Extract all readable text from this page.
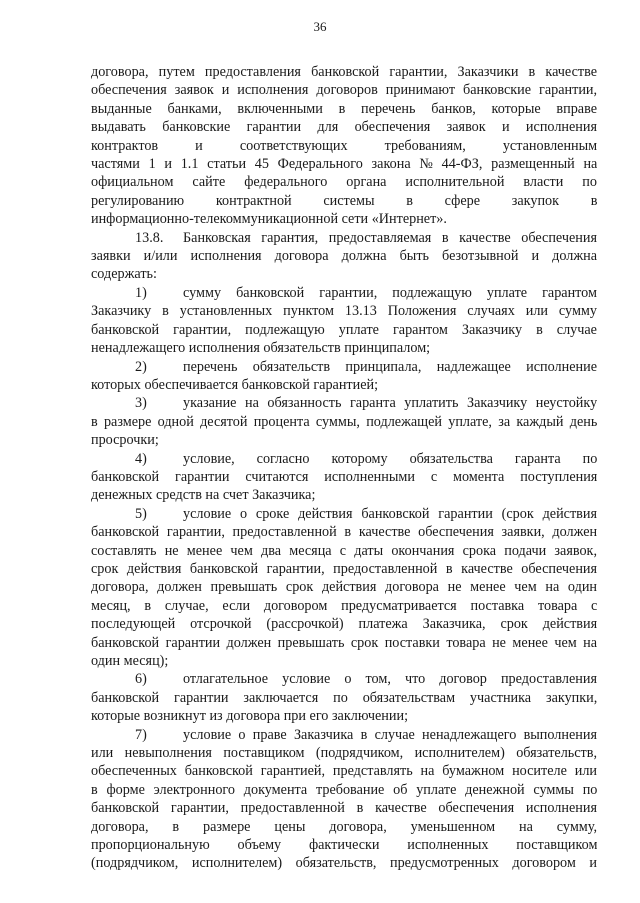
36
договора, путем предоставления банковской гарантии, Заказчики в качестве
обеспечения заявок и исполнения договоров принимают банковские гарантии,
выданные банками, включенными в перечень банков, которые вправе
выдавать банковские гарантии для обеспечения заявок и исполнения
контрактов и соответствующих требованиям, установленным
частями 1 и 1.1 статьи 45 Федерального закона № 44-ФЗ, размещенный на
официальном сайте федерального органа исполнительной власти по
регулированию контрактной системы в сфере закупок в
информационно-телекоммуникационной сети «Интернет».
13.8. Банковская гарантия, предоставляемая в качестве обеспечения
заявки и/или исполнения договора должна быть безотзывной и должна
содержать:
1)	сумму банковской гарантии, подлежащую уплате гарантом
Заказчику в установленных пунктом 13.13 Положения случаях или сумму
банковской гарантии, подлежащую уплате гарантом Заказчику в случае
ненадлежащего исполнения обязательств принципалом;
2)	перечень обязательств принципала, надлежащее исполнение
которых обеспечивается банковской гарантией;
3)	указание на обязанность гаранта уплатить Заказчику неустойку
в размере одной десятой процента суммы, подлежащей уплате, за каждый день
просрочки;
4)	условие, согласно которому обязательства гаранта по
банковской гарантии считаются исполненными с момента поступления
денежных средств на счет Заказчика;
5)	условие о сроке действия банковской гарантии (срок действия
банковской гарантии, предоставленной в качестве обеспечения заявки, должен
составлять не менее чем два месяца с даты окончания срока подачи заявок,
срок действия банковской гарантии, предоставленной в качестве обеспечения
договора, должен превышать срок действия договора не менее чем на один
месяц, в случае, если договором предусматривается поставка товара с
последующей отсрочкой (рассрочкой) платежа Заказчика, срок действия
банковской гарантии должен превышать срок поставки товара не менее чем на
один месяц);
6)	отлагательное условие о том, что договор предоставления
банковской гарантии заключается по обязательствам участника закупки,
которые возникнут из договора при его заключении;
7)	условие о праве Заказчика в случае ненадлежащего выполнения
или невыполнения поставщиком (подрядчиком, исполнителем) обязательств,
обеспеченных банковской гарантией, представлять на бумажном носителе или
в форме электронного документа требование об уплате денежной суммы по
банковской гарантии, предоставленной в качестве обеспечения исполнения
договора, в размере цены договора, уменьшенном на сумму,
пропорциональную объему фактически исполненных поставщиком
(подрядчиком, исполнителем) обязательств, предусмотренных договором и
